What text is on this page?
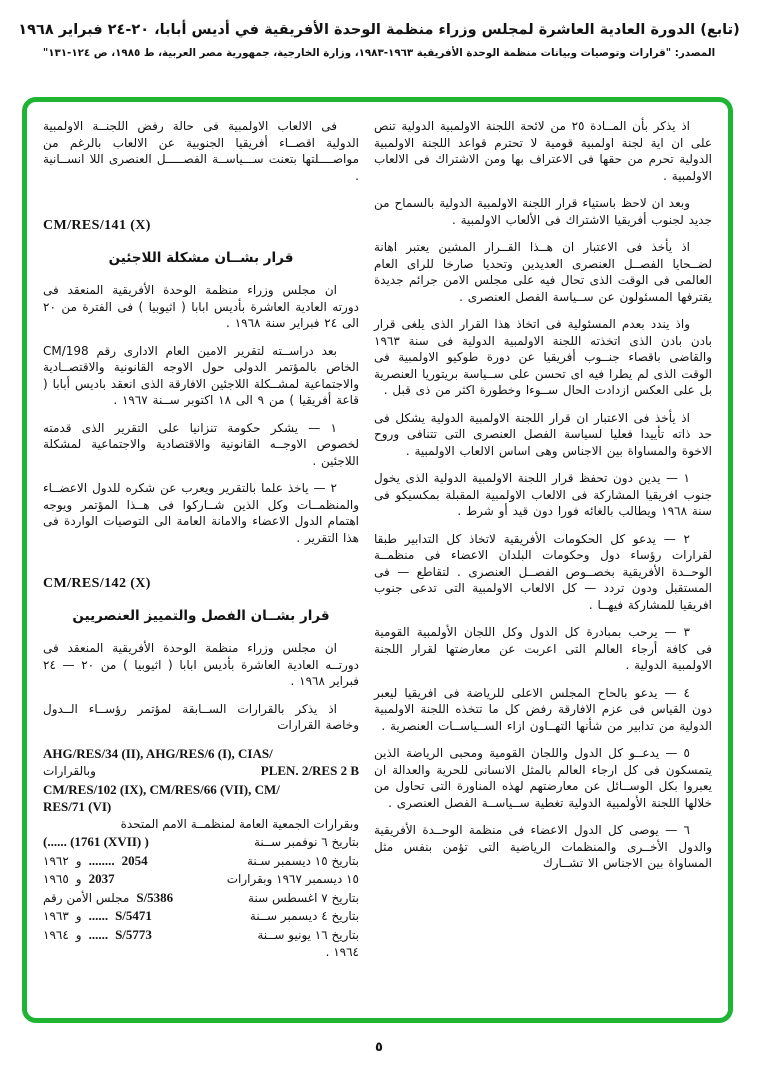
(تابع) الدورة العادية العاشرة لمجلس وزراء منظمة الوحدة الأفريقية في أديس أبابا، ٢٠-٢٤ فبراير ١٩٦٨
المصدر: "قرارات وتوصيات وبيانات منظمة الوحدة الأفريقية ١٩٦٣-١٩٨٣، وزارة الخارجية، جمهورية مصر العربية، ط ١٩٨٥، ص ١٢٤-١٣١"

اذ يذكر بأن المــادة ٢٥ من لائحة اللجنة الاولمبية الدولية تنص على ان اية لجنة اولمبية قومية لا تحترم قواعد اللجنة الاولمبية الدولية تحرم من حقها فى الاعتراف بها ومن الاشتراك فى الالعاب الاولمبية .

وبعد ان لاحظ باستياء قرار اللجنة الاولمبية الدولية بالسماح من جديد لجنوب أفريقيا الاشتراك فى الألعاب الاولمبية .

اذ يأخذ فى الاعتبار ان هــذا القــرار المشين يعتبر اهانة لضــحايا الفصــل العنصرى العديدين وتحديا صارخا للراى العام العالمى فى الوقت الذى تحال فيه على مجلس الامن جرائم جديدة يقترفها المسئولون عن ســياسة الفصل العنصرى .

واذ يندد بعدم المسئولية فى اتخاذ هذا القرار الذى يلغى قرار بادن بادن الذى اتخذته اللجنة الاولمبية الدولية فى سنة ١٩٦٣ والقاضى باقصاء جنــوب أفريقيا عن دورة طوكيو الاولمبية فى الوقت الذى لم يطرا فيه اى تحسن على ســياسة بريتوريا العنصرية بل على العكس ازدادت الحال ســوءا وخطورة اكثر من ذى قبل .

اذ يأخذ فى الاعتبار ان قرار اللجنة الاولمبية الدولية يشكل فى حد ذاته تأييدا فعليا لسياسة الفصل العنصرى التى تتنافى وروح الاخوة والمساواة بين الاجناس وهى اساس الالعاب الاولمبية .

١ — يدين دون تحفظ قرار اللجنة الاولمبية الدولية الذى يخول جنوب افريقيا المشاركة فى الالعاب الاولمبية المقبلة بمكسيكو فى سنة ١٩٦٨ ويطالب بالغائه فورا دون قيد أو شرط .

٢ — يدعو كل الحكومات الأفريقية لاتخاذ كل التدابير طبقا لقرارات رؤساء دول وحكومات البلدان الاعضاء فى منظمــة الوحــدة الأفريقية بخصــوص الفصــل العنصرى . لتقاطع — فى المستقبل ودون تردد — كل الالعاب الاولمبية التى تدعى جنوب افريقيا للمشاركة فيهــا .

٣ — يرحب بمبادرة كل الدول وكل اللجان الأولمبية القومية فى كافة أرجاء العالم التى اعربت عن معارضتها لقرار اللجنة الاولمبية الدولية .

٤ — يدعو بالحاح المجلس الاعلى للرياضة فى افريقيا ليعبر دون القياس فى عزم الافارقة رفض كل ما تتخذه اللجنة الاولمبية الدولية من تدابير من شأنها التهــاون ازاء الســياســات العنصرية .

٥ — يدعــو كل الدول واللجان القومية ومحبى الرياضة الذين يتمسكون فى كل ارجاء العالم بالمثل الانسانى للحرية والعدالة ان يعبروا بكل الوســائل عن معارضتهم لهذه المناورة التى تحاول من خلالها اللجنة الأولمبية الدولية تغطية ســياســة الفصل العنصرى .

٦ — يوصى كل الدول الاعضاء فى منظمة الوحــدة الأفريقية والدول الأخــرى والمنظمات الرياضية التى تؤمن بنفس مثل المساواة بين الاجناس الا تشــارك

فى الالعاب الاولمبية فى حالة رفض اللجنــة الاولمبية الدولية اقصــاء أفريقيا الجنوبية عن الالعاب بالرغم من مواصــــلتها بتعنت ســـياســة الفصـــــل العنصرى اللا انســانية .

CM/RES/141 (X)
قرار بشــان مشكلة اللاجئين

ان مجلس وزراء منظمة الوحدة الأفريقية المنعقد فى دورته العادية العاشرة بأديس ابابا ( اثيوبيا ) فى الفترة من ٢٠ الى ٢٤ فبراير سنة ١٩٦٨ .

بعد دراســته لتقرير الامين العام الادارى رقم CM/198 الخاص بالمؤتمر الدولى حول الاوجه القانونية والاقتصــادية والاجتماعية لمشــكلة اللاجئين الافارقة الذى انعقد باديس أبابا ( قاعة أفريقيا ) من ٩ الى ١٨ اكتوبر ســنة ١٩٦٧ .

١ — يشكر حكومة تنزانيا على التقرير الذى قدمته لخصوص الاوجــه القانونية والاقتصادية والاجتماعية لمشكلة اللاجئين .

٢ — ياخذ علما بالتقرير ويعرب عن شكره للدول الاعضــاء والمنظمــات وكل الذين شــاركوا فى هــذا المؤتمر ويوجه اهتمام الدول الاعضاء والامانة العامة الى التوصيات الواردة فى هذا التقرير .

CM/RES/142 (X)
قرار بشــان الفصل والتمييز العنصريين

ان مجلس وزراء منظمة الوحدة الأفريقية المنعقد فى دورتــه العادية العاشرة بأديس ابابا ( اثيوبيا ) من ٢٠ — ٢٤ فبراير ١٩٦٨ .

اذ يذكر بالقرارات الســابقة لمؤتمر رؤســاء الــدول وخاصة القرارات

AHG/RES/34 (II), AHG/RES/6 (I), CIAS/
وبالقرارات	PLEN. 2/RES 2 B
CM/RES/102 (IX), CM/RES/66 (VII), CM/
RES/71 (VI)
وبقرارات الجمعية العامة لمنظمــة الامم المتحدة
(...... (1761 (XVII) )	بتاريخ ٦ نوفمبر ســنة
١٩٦٢ و ........ 2054	بتاريخ ١٥ ديسمبر سـنة
١٩٦٥ و 2037	١٥ ديسمبر ١٩٦٧ وبقرارات
مجلس الأمن رقم S/5386	بتاريخ ٧ اغسطس سنة
١٩٦٣ و ...... S/5471	بتاريخ ٤ ديسمبر ســنة
١٩٦٤ و ...... S/5773	بتاريخ ١٦ يونيو ســنة
١٩٦٤ .
٥
